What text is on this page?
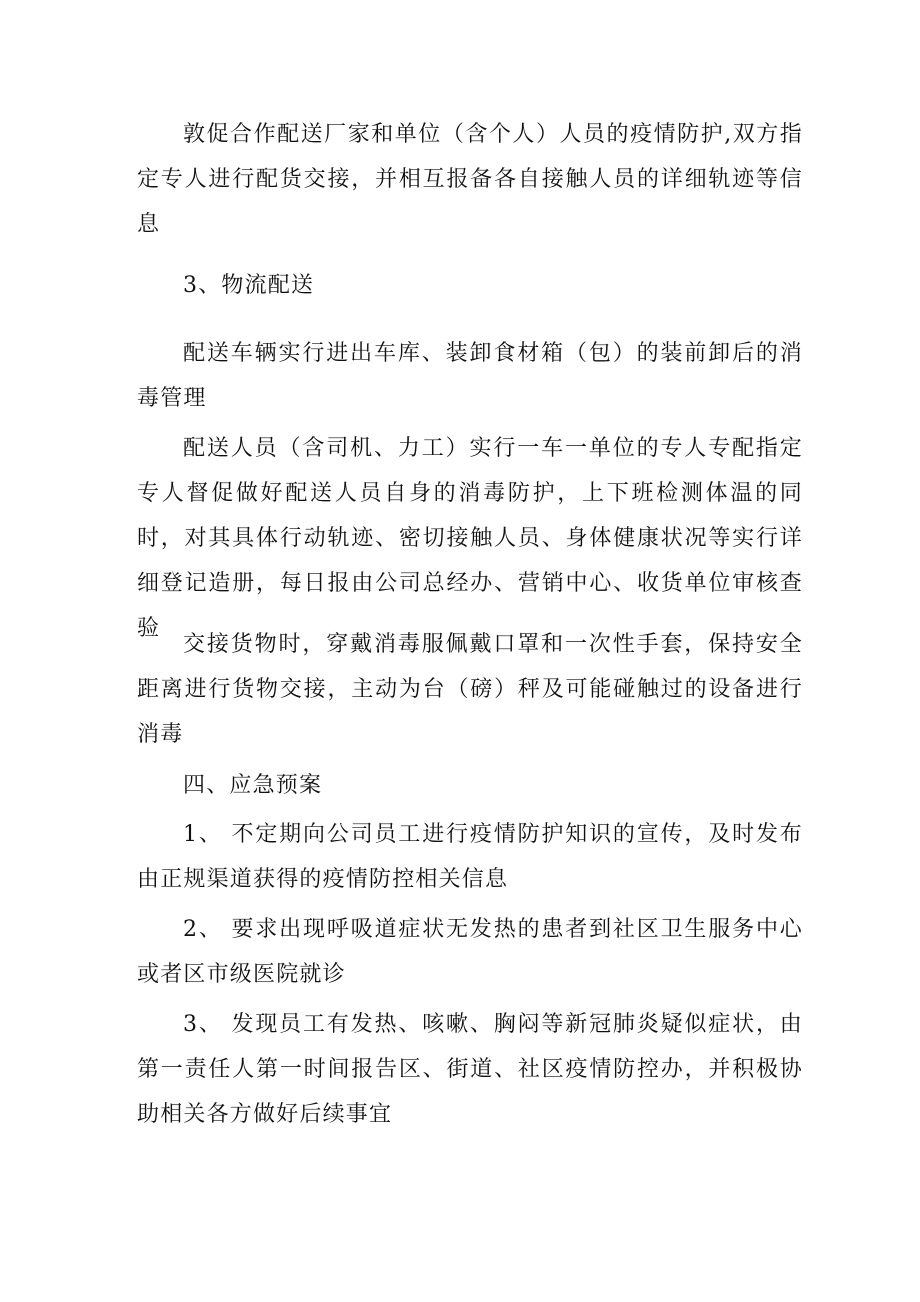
敦促合作配送厂家和单位（含个人）人员的疫情防护,双方指定专人进行配货交接，并相互报备各自接触人员的详细轨迹等信息

3、物流配送

配送车辆实行进出车库、装卸食材箱（包）的装前卸后的消毒管理

配送人员（含司机、力工）实行一车一单位的专人专配指定专人督促做好配送人员自身的消毒防护，上下班检测体温的同时，对其具体行动轨迹、密切接触人员、身体健康状况等实行详细登记造册，每日报由公司总经办、营销中心、收货单位审核查验

交接货物时，穿戴消毒服佩戴口罩和一次性手套，保持安全距离进行货物交接，主动为台（磅）秤及可能碰触过的设备进行消毒

四、应急预案

1、 不定期向公司员工进行疫情防护知识的宣传，及时发布由正规渠道获得的疫情防控相关信息

2、 要求出现呼吸道症状无发热的患者到社区卫生服务中心或者区市级医院就诊

3、 发现员工有发热、咳嗽、胸闷等新冠肺炎疑似症状，由第一责任人第一时间报告区、街道、社区疫情防控办，并积极协助相关各方做好后续事宜
